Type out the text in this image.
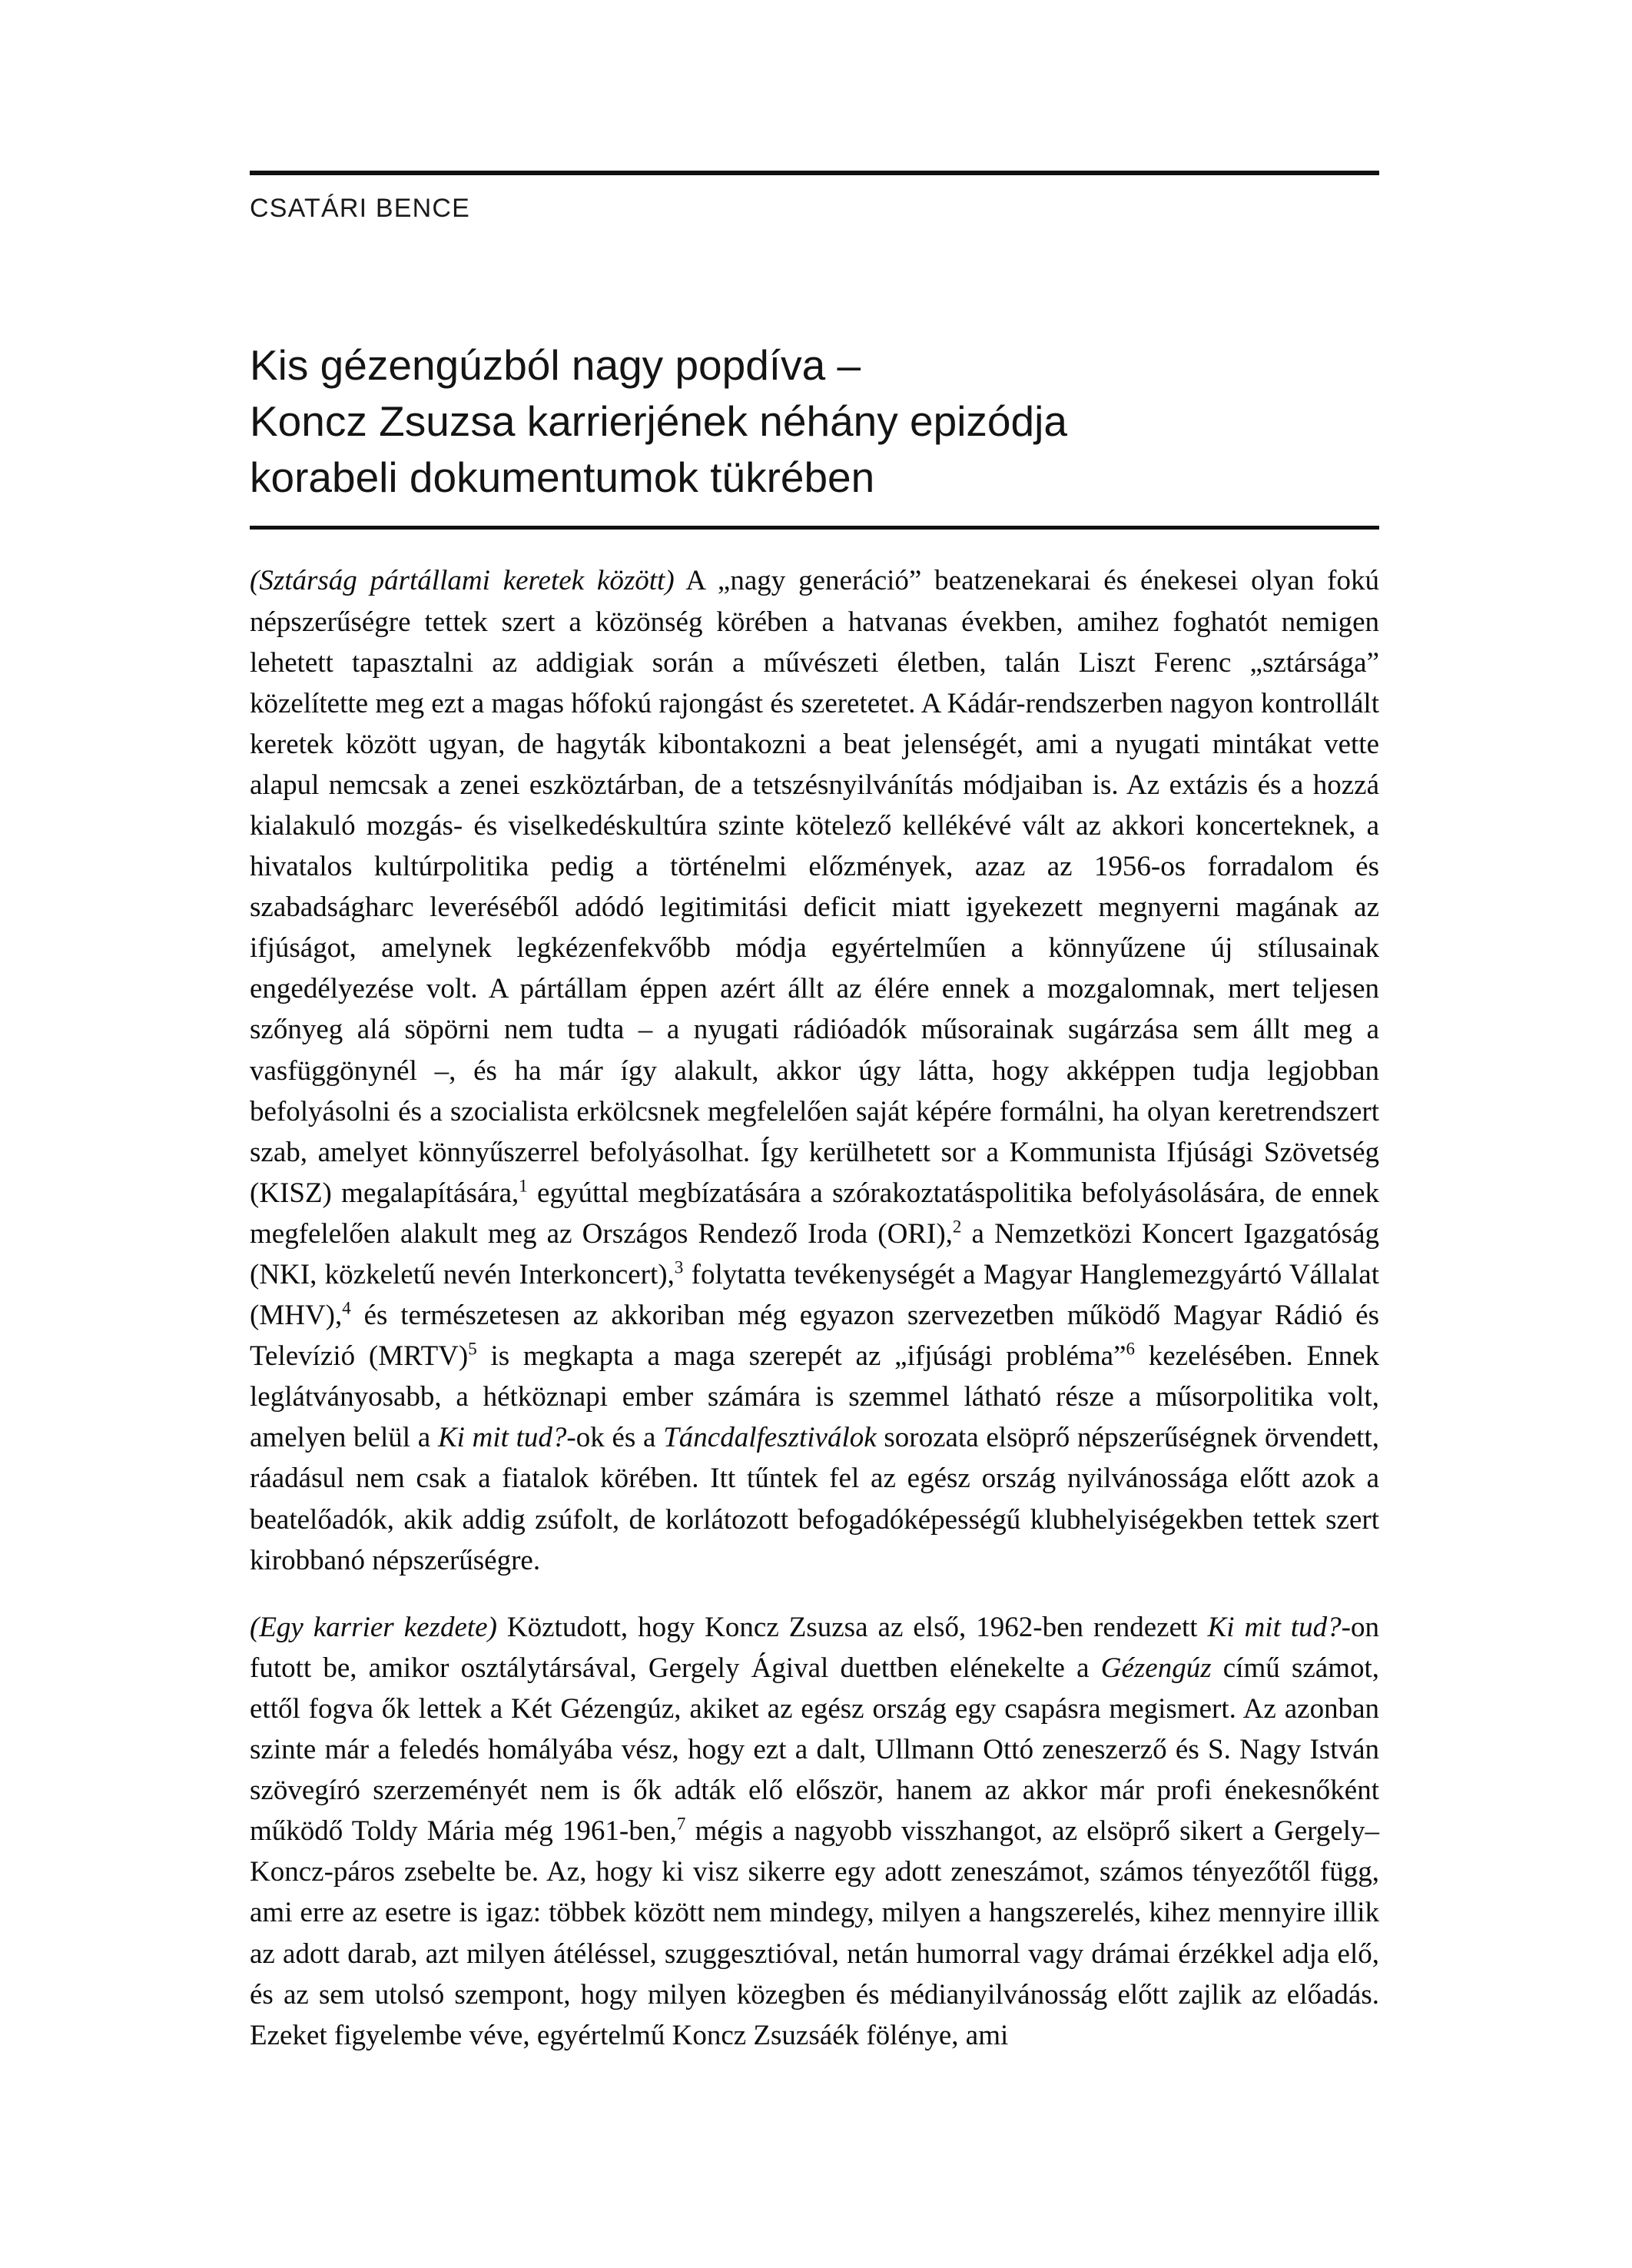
CSATÁRI BENCE
Kis gézengúzból nagy popdíva –
Koncz Zsuzsa karrierjének néhány epizódja
korabeli dokumentumok tükrében

(Sztárság pártállami keretek között) A „nagy generáció” beatzenekarai és énekesei olyan fokú népszerűségre tettek szert a közönség körében a hatvanas években, amihez foghatót nemigen lehetett tapasztalni az addigiak során a művészeti életben, talán Liszt Ferenc „sztársága” közelítette meg ezt a magas hőfokú rajongást és szeretetet. A Kádár-rendszerben nagyon kontrollált keretek között ugyan, de hagyták kibontakozni a beat jelenségét, ami a nyugati mintákat vette alapul nemcsak a zenei eszköztárban, de a tetszésnyilvánítás módjaiban is. Az extázis és a hozzá kialakuló mozgás- és viselkedéskultúra szinte kötelező kellékévé vált az akkori koncerteknek, a hivatalos kultúrpolitika pedig a történelmi előzmények, azaz az 1956-os forradalom és szabadságharc leveréséből adódó legitimitási deficit miatt igyekezett megnyerni magának az ifjúságot, amelynek legkézenfekvőbb módja egyértelműen a könnyűzene új stílusainak engedélyezése volt. A pártállam éppen azért állt az élére ennek a mozgalomnak, mert teljesen szőnyeg alá söpörni nem tudta – a nyugati rádióadók műsorainak sugárzása sem állt meg a vasfüggönynél –, és ha már így alakult, akkor úgy látta, hogy akképpen tudja legjobban befolyásolni és a szocialista erkölcsnek megfelelően saját képére formálni, ha olyan keretrendszert szab, amelyet könnyűszerrel befolyásolhat. Így kerülhetett sor a Kommunista Ifjúsági Szövetség (KISZ) megalapítására,$^1$ egyúttal megbízatására a szórakoztatáspolitika befolyásolására, de ennek megfelelően alakult meg az Országos Rendező Iroda (ORI),$^2$ a Nemzetközi Koncert Igazgatóság (NKI, közkeletű nevén Interkoncert),$^3$ folytatta tevékenységét a Magyar Hanglemezgyártó Vállalat (MHV),$^4$ és természetesen az akkoriban még egyazon szervezetben működő Magyar Rádió és Televízió (MRTV)$^5$ is megkapta a maga szerepét az „ifjúsági probléma”$^6$ kezelésében. Ennek leglátványosabb, a hétköznapi ember számára is szemmel látható része a műsorpolitika volt, amelyen belül a Ki mit tud?-ok és a Táncdalfesztiválok sorozata elsöprő népszerűségnek örvendett, ráadásul nem csak a fiatalok körében. Itt tűntek fel az egész ország nyilvánossága előtt azok a beatelőadók, akik addig zsúfolt, de korlátozott befogadóképességű klubhelyiségekben tettek szert kirobbanó népszerűségre.

(Egy karrier kezdete) Köztudott, hogy Koncz Zsuzsa az első, 1962-ben rendezett Ki mit tud?-on futott be, amikor osztálytársával, Gergely Ágival duettben elénekelte a Gézengúz című számot, ettől fogva ők lettek a Két Gézengúz, akiket az egész ország egy csapásra megismert. Az azonban szinte már a feledés homályába vész, hogy ezt a dalt, Ullmann Ottó zeneszerző és S. Nagy István szövegíró szerzeményét nem is ők adták elő először, hanem az akkor már profi énekesnőként működő Toldy Mária még 1961-ben,$^7$ mégis a nagyobb visszhangot, az elsöprő sikert a Gergely–Koncz-páros zsebelte be. Az, hogy ki visz sikerre egy adott zeneszámot, számos tényezőtől függ, ami erre az esetre is igaz: többek között nem mindegy, milyen a hangszerelés, kihez mennyire illik az adott darab, azt milyen átéléssel, szuggesztióval, netán humorral vagy drámai érzékkel adja elő, és az sem utolsó szempont, hogy milyen közegben és médianyilvánosság előtt zajlik az előadás. Ezeket figyelembe véve, egyértelmű Koncz Zsuzsáék fölénye, ami
